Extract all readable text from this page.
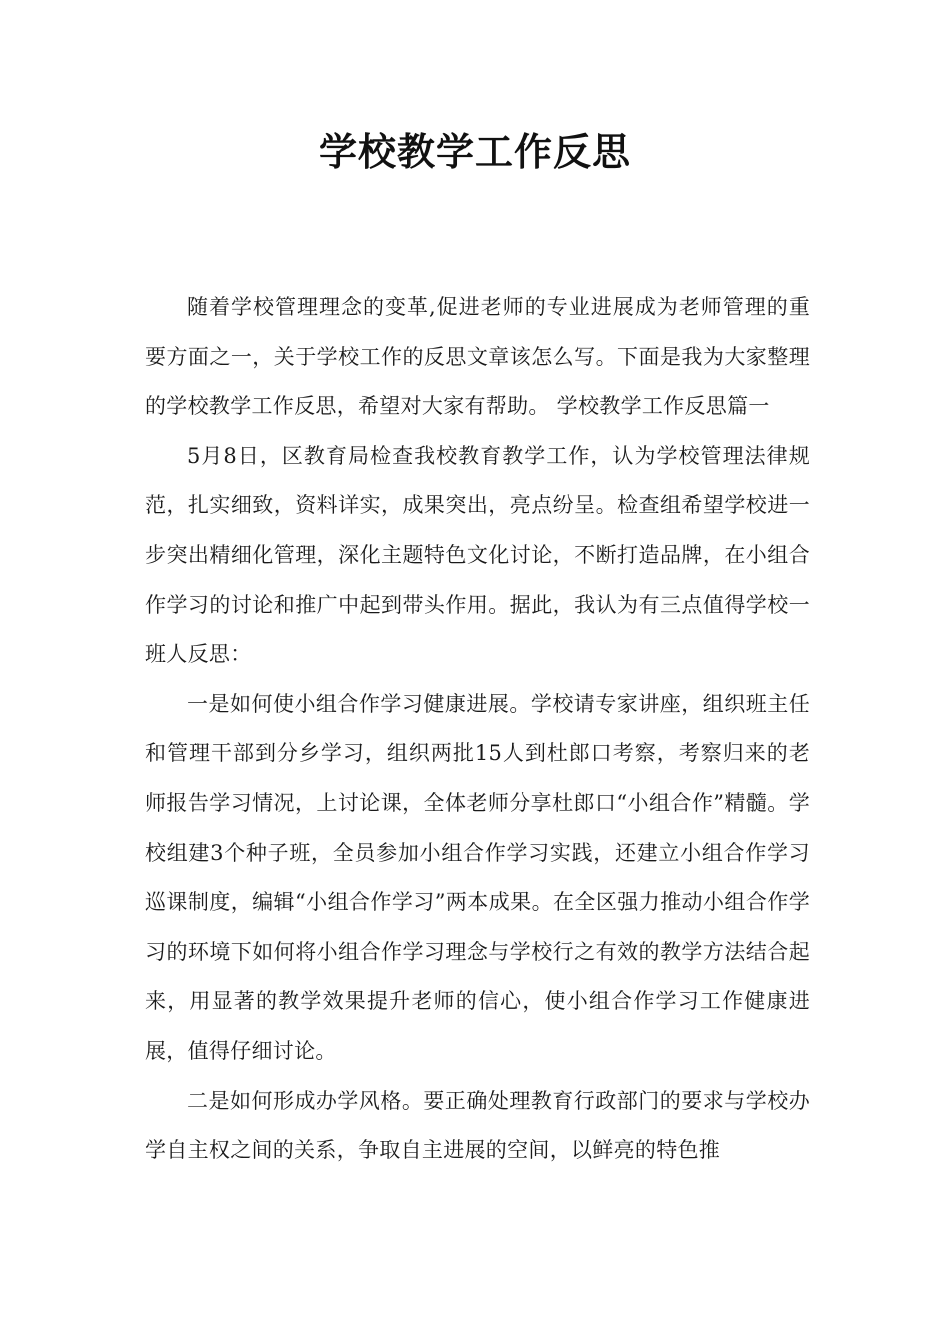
学校教学工作反思

随着学校管理理念的变革,促进老师的专业进展成为老师管理的重要方面之一，关于学校工作的反思文章该怎么写。下面是我为大家整理的学校教学工作反思，希望对大家有帮助。 学校教学工作反思篇一

5月8日，区教育局检查我校教育教学工作，认为学校管理法律规范，扎实细致，资料详实，成果突出，亮点纷呈。检查组希望学校进一步突出精细化管理，深化主题特色文化讨论，不断打造品牌，在小组合作学习的讨论和推广中起到带头作用。据此，我认为有三点值得学校一班人反思：

一是如何使小组合作学习健康进展。学校请专家讲座，组织班主任和管理干部到分乡学习，组织两批15人到杜郎口考察，考察归来的老师报告学习情况，上讨论课，全体老师分享杜郎口“小组合作”精髓。学校组建3个种子班，全员参加小组合作学习实践，还建立小组合作学习巡课制度，编辑“小组合作学习”两本成果。在全区强力推动小组合作学习的环境下如何将小组合作学习理念与学校行之有效的教学方法结合起来，用显著的教学效果提升老师的信心，使小组合作学习工作健康进展，值得仔细讨论。

二是如何形成办学风格。要正确处理教育行政部门的要求与学校办学自主权之间的关系，争取自主进展的空间，以鲜亮的特色推
